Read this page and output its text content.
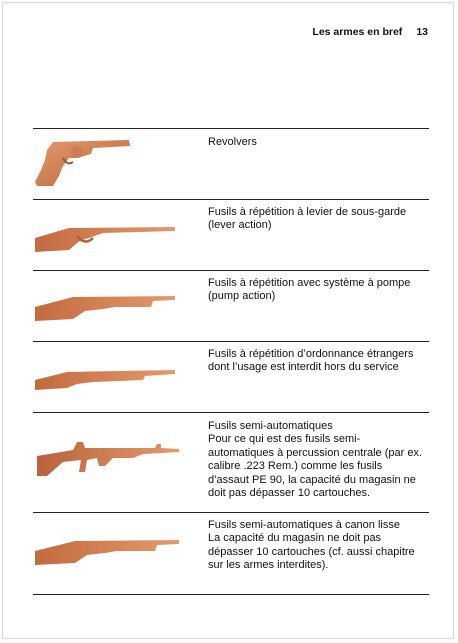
Les armes en bref 13
Revolvers
Fusils à répétition à levier de sous-garde (lever action)
Fusils à répétition avec système à pompe (pump action)
Fusils à répétition d’ordonnance étrangers dont l’usage est interdit hors du service
Fusils semi-automatiques
Pour ce qui est des fusils semi-automatiques à percussion centrale (par ex. calibre .223 Rem.) comme les fusils d’assaut PE 90, la capacité du magasin ne doit pas dépasser 10 cartouches.
Fusils semi-automatiques à canon lisse
La capacité du magasin ne doit pas dépasser 10 cartouches (cf. aussi chapitre sur les armes interdites).
